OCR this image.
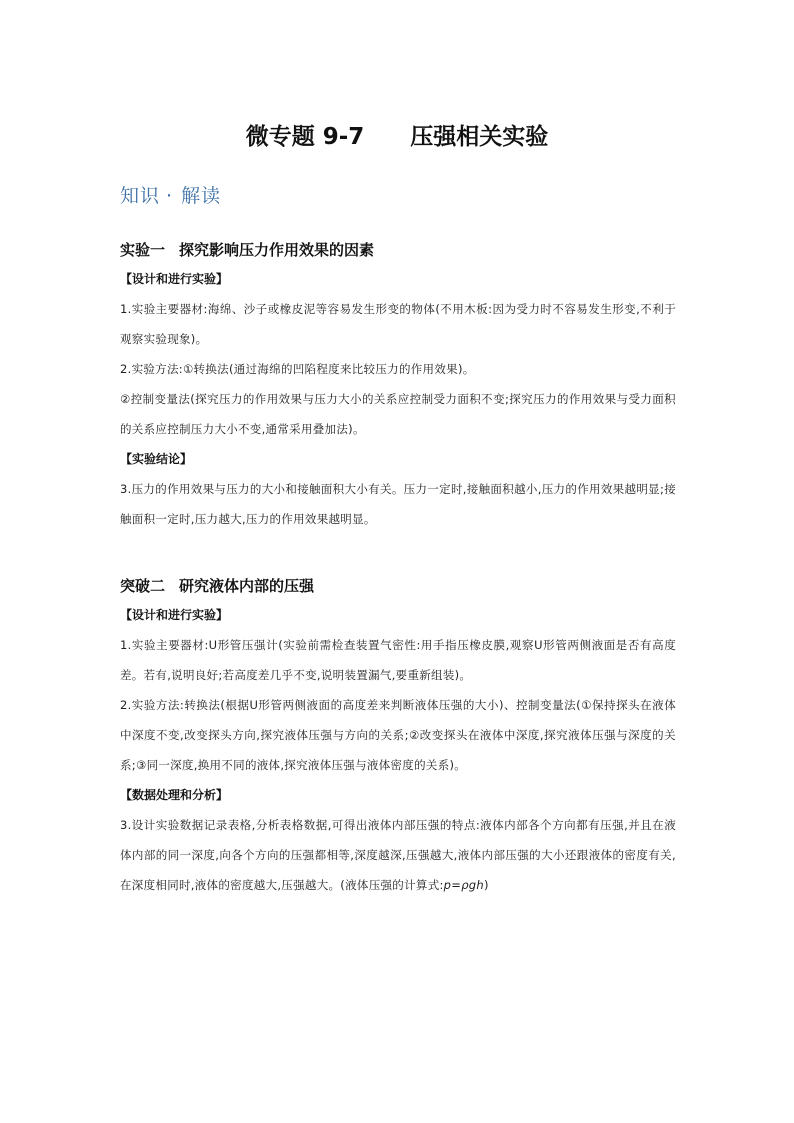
微专题 9-7 压强相关实验
知识 · 解读
实验一 探究影响压力作用效果的因素
【设计和进行实验】
1.实验主要器材:海绵、沙子或橡皮泥等容易发生形变的物体(不用木板:因为受力时不容易发生形变,不利于观察实验现象)。
2.实验方法:①转换法(通过海绵的凹陷程度来比较压力的作用效果)。
②控制变量法(探究压力的作用效果与压力大小的关系应控制受力面积不变;探究压力的作用效果与受力面积的关系应控制压力大小不变,通常采用叠加法)。
【实验结论】
3.压力的作用效果与压力的大小和接触面积大小有关。压力一定时,接触面积越小,压力的作用效果越明显;接触面积一定时,压力越大,压力的作用效果越明显。
突破二 研究液体内部的压强
【设计和进行实验】
1.实验主要器材:U形管压强计(实验前需检查装置气密性:用手指压橡皮膜,观察U形管两侧液面是否有高度差。若有,说明良好;若高度差几乎不变,说明装置漏气,要重新组装)。
2.实验方法:转换法(根据U形管两侧液面的高度差来判断液体压强的大小)、控制变量法(①保持探头在液体中深度不变,改变探头方向,探究液体压强与方向的关系;②改变探头在液体中深度,探究液体压强与深度的关系;③同一深度,换用不同的液体,探究液体压强与液体密度的关系)。
【数据处理和分析】
3.设计实验数据记录表格,分析表格数据,可得出液体内部压强的特点:液体内部各个方向都有压强,并且在液体内部的同一深度,向各个方向的压强都相等,深度越深,压强越大,液体内部压强的大小还跟液体的密度有关,在深度相同时,液体的密度越大,压强越大。(液体压强的计算式:p=ρgh)
